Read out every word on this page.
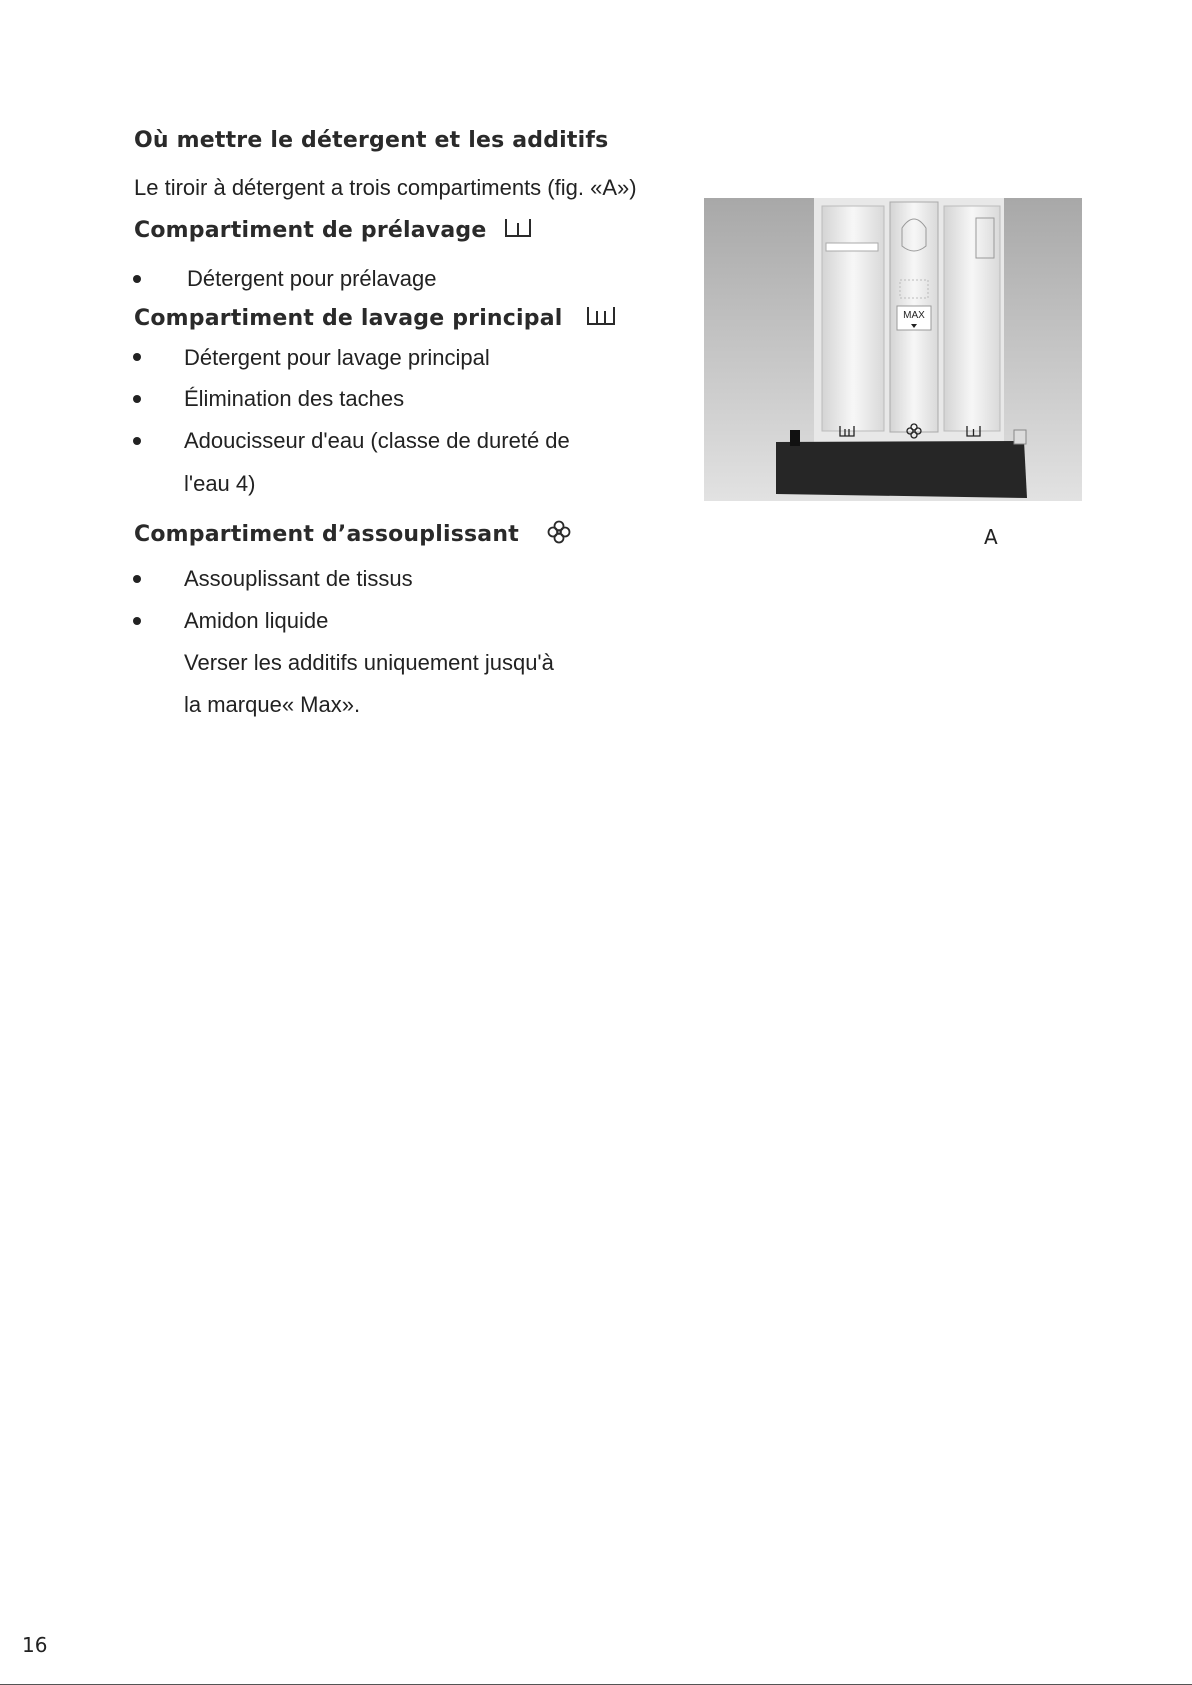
Où mettre le détergent et les additifs
Le tiroir à détergent a trois compartiments (fig. «A»)
Compartiment de prélavage
Détergent pour prélavage
Compartiment de lavage principal
Détergent pour lavage principal
Élimination des taches
Adoucisseur d'eau (classe de dureté de
l'eau 4)
Compartiment d’assouplissant
Assouplissant de tissus
Amidon liquide
Verser les additifs uniquement jusqu'à
la marque« Max».
MAX
A
16
